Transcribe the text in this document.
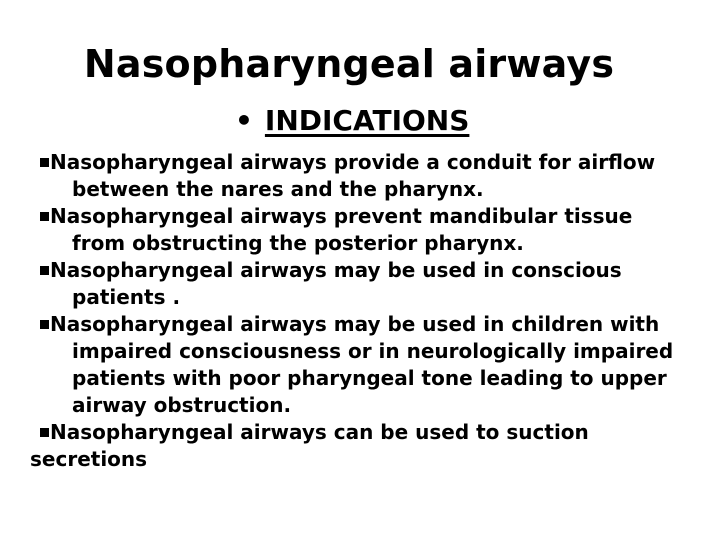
Nasopharyngeal airways
• INDICATIONS
Nasopharyngeal airways provide a conduit for airflow between the nares and the pharynx.
Nasopharyngeal airways prevent mandibular tissue from obstructing the posterior pharynx.
Nasopharyngeal airways may be used in conscious patients .
Nasopharyngeal airways may be used in children with impaired consciousness or in neurologically impaired patients with poor pharyngeal tone leading to upper airway obstruction.
Nasopharyngeal airways can be used to suction
secretions
